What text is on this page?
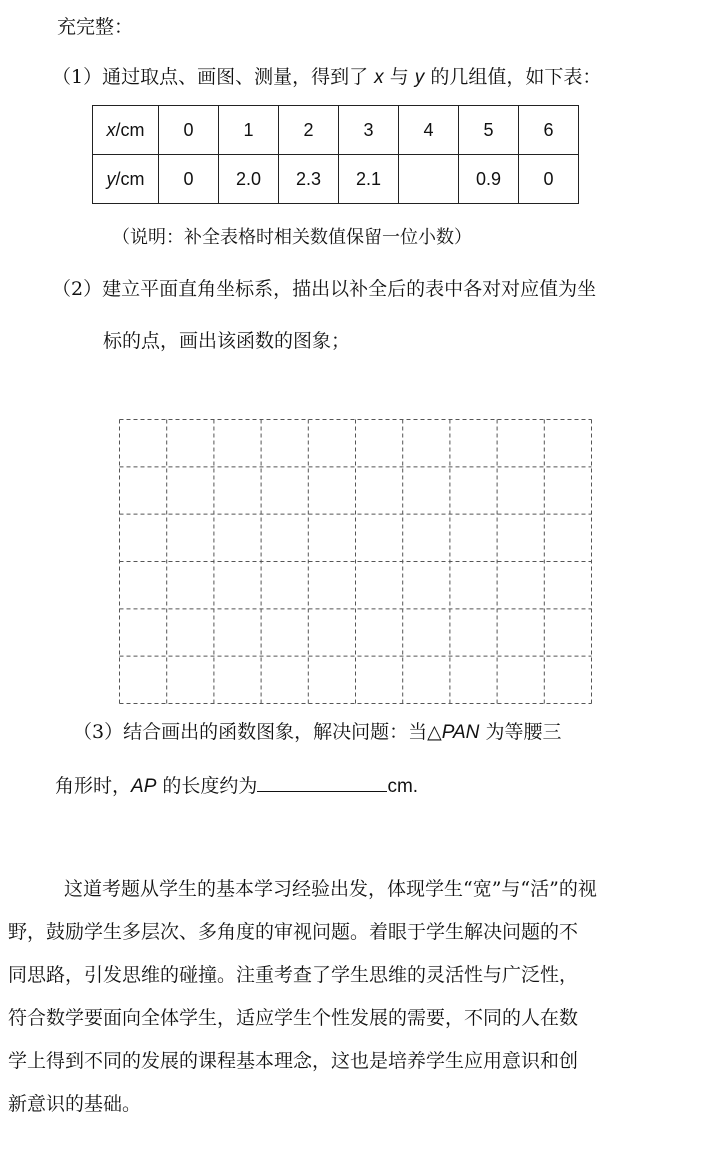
充完整：
（1）通过取点、画图、测量，得到了 x 与 y 的几组值，如下表：
x/cm	0	1	2	3	4	5	6
y/cm	0	2.0	2.3	2.1		0.9	0
（说明：补全表格时相关数值保留一位小数）
（2）建立平面直角坐标系，描出以补全后的表中各对对应值为坐
标的点，画出该函数的图象；
（3）结合画出的函数图象，解决问题：当△PAN 为等腰三
角形时，AP 的长度约为	cm.
这道考题从学生的基本学习经验出发，体现学生“宽”与“活”的视
野，鼓励学生多层次、多角度的审视问题。着眼于学生解决问题的不
同思路，引发思维的碰撞。注重考查了学生思维的灵活性与广泛性，
符合数学要面向全体学生，适应学生个性发展的需要，不同的人在数
学上得到不同的发展的课程基本理念，这也是培养学生应用意识和创
新意识的基础。
